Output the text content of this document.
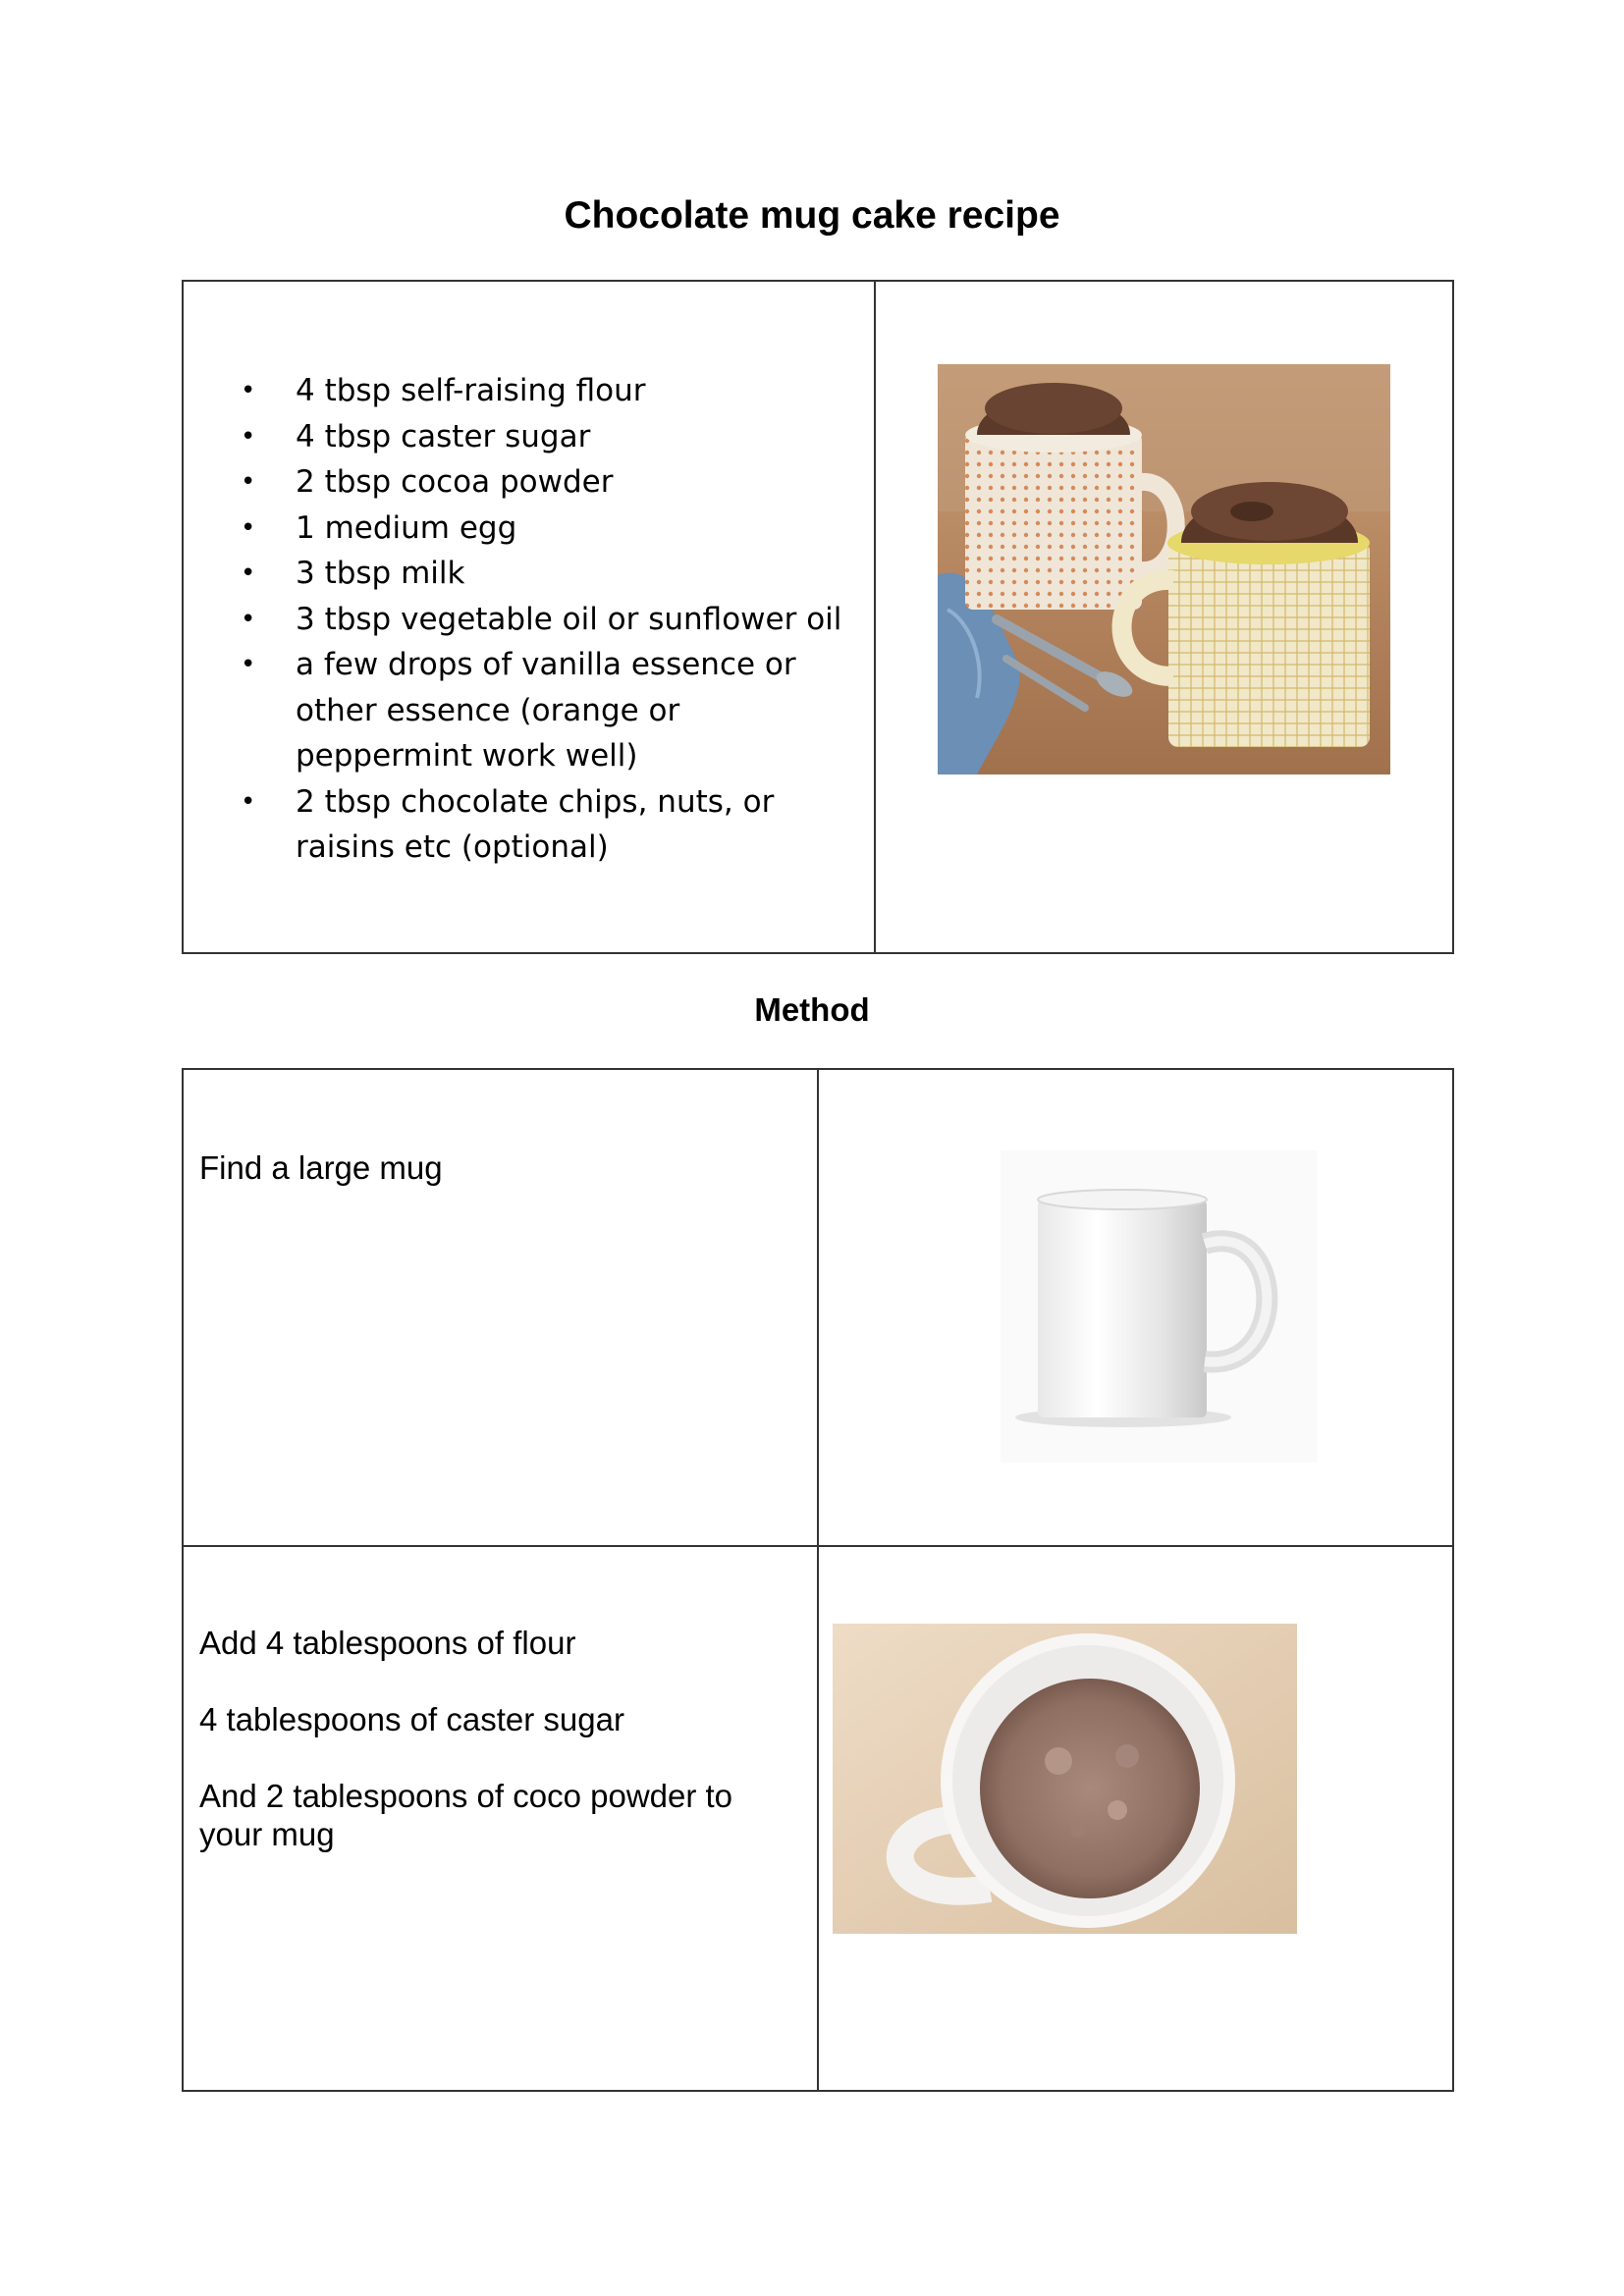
Chocolate mug cake recipe
• 4 tbsp self-raising flour
• 4 tbsp caster sugar
• 2 tbsp cocoa powder
• 1 medium egg
• 3 tbsp milk
• 3 tbsp vegetable oil or sunflower oil
• a few drops of vanilla essence or other essence (orange or peppermint work well)
• 2 tbsp chocolate chips, nuts, or raisins etc (optional)

Method

Find a large mug

Add 4 tablespoons of flour

4 tablespoons of caster sugar

And 2 tablespoons of coco powder to your mug
